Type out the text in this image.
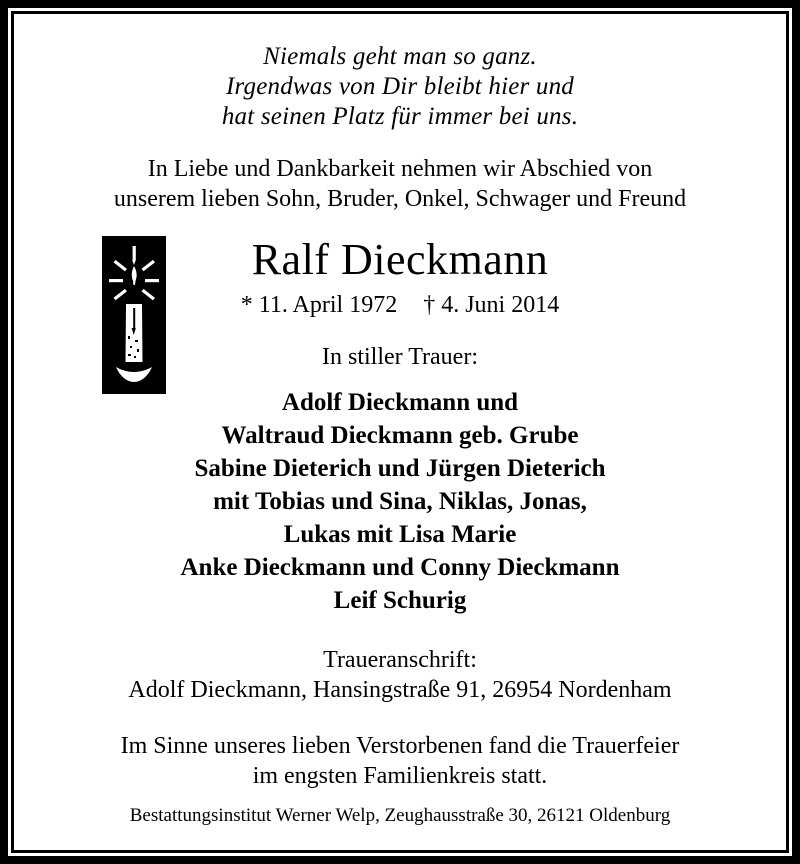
Niemals geht man so ganz.
Irgendwas von Dir bleibt hier und
hat seinen Platz für immer bei uns.
In Liebe und Dankbarkeit nehmen wir Abschied von
unserem lieben Sohn, Bruder, Onkel, Schwager und Freund
Ralf Dieckmann
* 11. April 1972 † 4. Juni 2014
In stiller Trauer:
Adolf Dieckmann und
Waltraud Dieckmann geb. Grube
Sabine Dieterich und Jürgen Dieterich
mit Tobias und Sina, Niklas, Jonas,
Lukas mit Lisa Marie
Anke Dieckmann und Conny Dieckmann
Leif Schurig
Traueranschrift:
Adolf Dieckmann, Hansingstraße 91, 26954 Nordenham
Im Sinne unseres lieben Verstorbenen fand die Trauerfeier
im engsten Familienkreis statt.
Bestattungsinstitut Werner Welp, Zeughausstraße 30, 26121 Oldenburg
